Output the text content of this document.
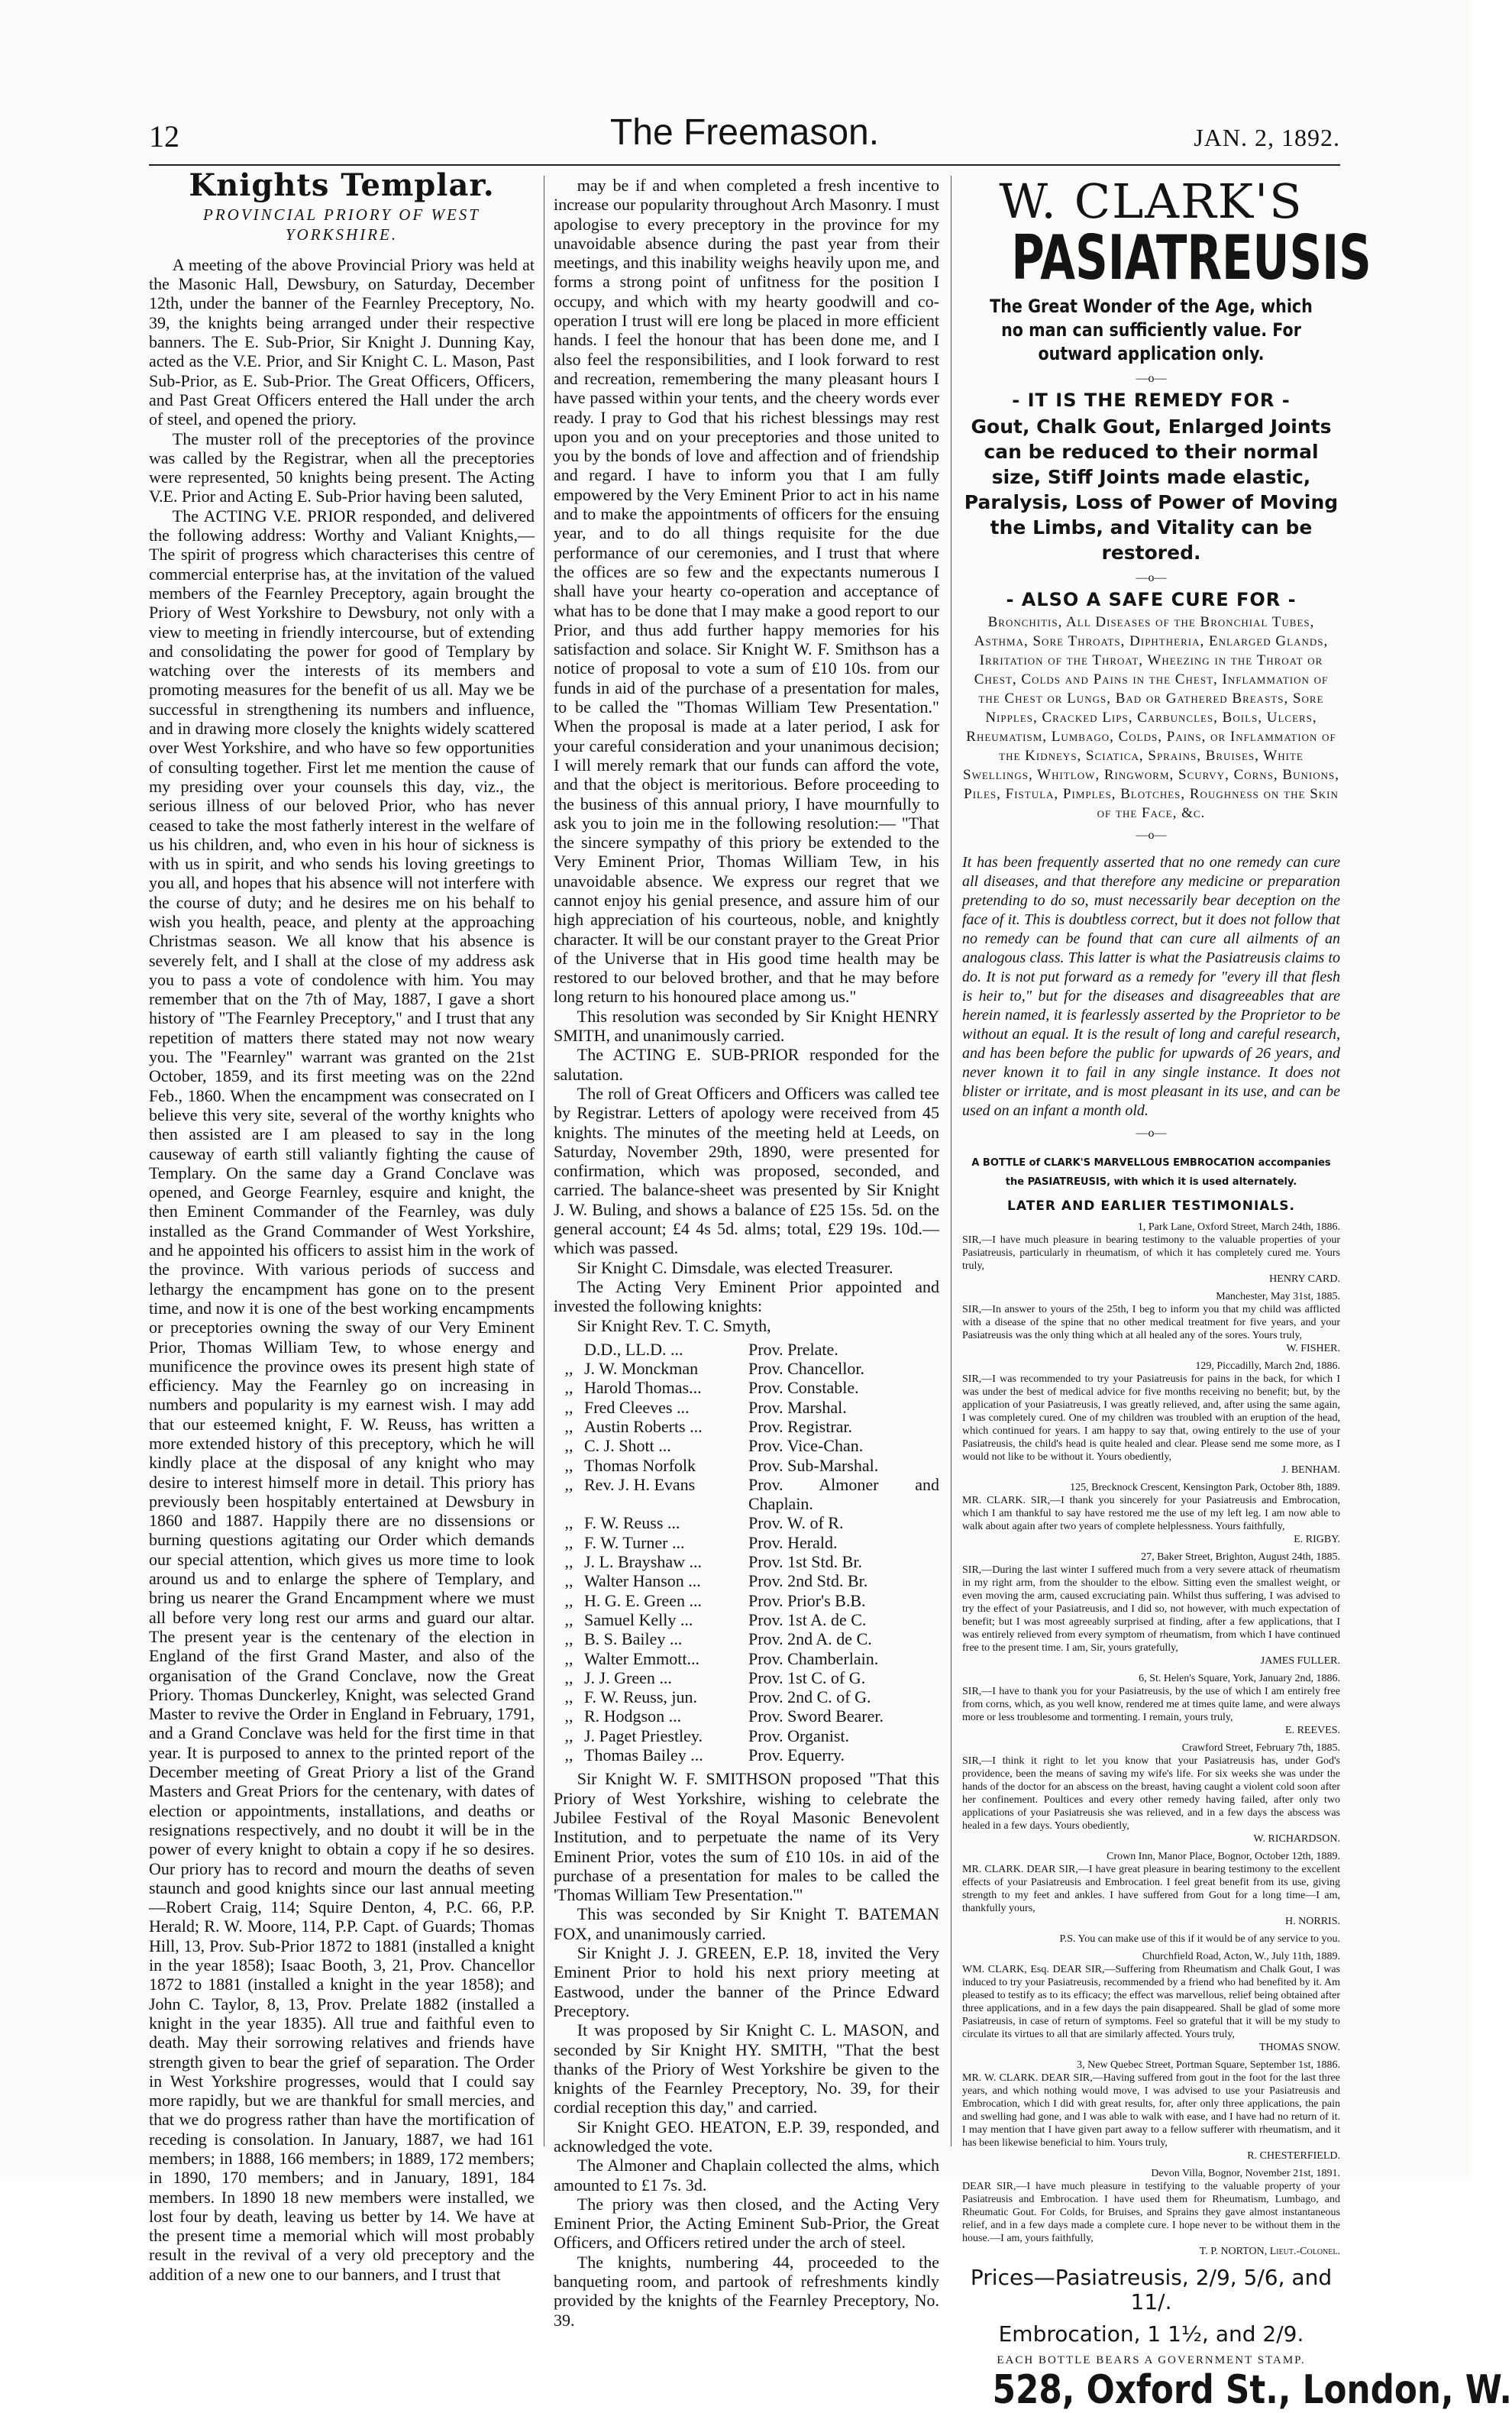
12	The Freemason.	JAN. 2, 1892.
Knights Templar.
PROVINCIAL PRIORY OF WEST YORKSHIRE.

A meeting of the above Provincial Priory was held at the Masonic Hall, Dewsbury, on Saturday, December 12th, under the banner of the Fearnley Preceptory, No. 39, the knights being arranged under their respective banners. The E. Sub-Prior, Sir Knight J. Dunning Kay, acted as the V.E. Prior, and Sir Knight C. L. Mason, Past Sub-Prior, as E. Sub-Prior. The Great Officers, Officers, and Past Great Officers entered the Hall under the arch of steel, and opened the priory.

The muster roll of the preceptories of the province was called by the Registrar, when all the preceptories were represented, 50 knights being present. The Acting V.E. Prior and Acting E. Sub-Prior having been saluted,

The ACTING V.E. PRIOR responded, and delivered the following address: Worthy and Valiant Knights,—The spirit of progress which characterises this centre of commercial enterprise has, at the invitation of the valued members of the Fearnley Preceptory, again brought the Priory of West Yorkshire to Dewsbury, not only with a view to meeting in friendly intercourse, but of extending and consolidating the power for good of Templary by watching over the interests of its members and promoting measures for the benefit of us all. May we be successful in strengthening its numbers and influence, and in drawing more closely the knights widely scattered over West Yorkshire, and who have so few opportunities of consulting together. First let me mention the cause of my presiding over your counsels this day, viz., the serious illness of our beloved Prior, who has never ceased to take the most fatherly interest in the welfare of us his children, and, who even in his hour of sickness is with us in spirit, and who sends his loving greetings to you all, and hopes that his absence will not interfere with the course of duty; and he desires me on his behalf to wish you health, peace, and plenty at the approaching Christmas season. We all know that his absence is severely felt, and I shall at the close of my address ask you to pass a vote of condolence with him. You may remember that on the 7th of May, 1887, I gave a short history of "The Fearnley Preceptory," and I trust that any repetition of matters there stated may not now weary you. The "Fearnley" warrant was granted on the 21st October, 1859, and its first meeting was on the 22nd Feb., 1860. When the encampment was consecrated on I believe this very site, several of the worthy knights who then assisted are I am pleased to say in the long causeway of earth still valiantly fighting the cause of Templary. On the same day a Grand Conclave was opened, and George Fearnley, esquire and knight, the then Eminent Commander of the Fearnley, was duly installed as the Grand Commander of West Yorkshire, and he appointed his officers to assist him in the work of the province. With various periods of success and lethargy the encampment has gone on to the present time, and now it is one of the best working encampments or preceptories owning the sway of our Very Eminent Prior, Thomas William Tew, to whose energy and munificence the province owes its present high state of efficiency. May the Fearnley go on increasing in numbers and popularity is my earnest wish. I may add that our esteemed knight, F. W. Reuss, has written a more extended history of this preceptory, which he will kindly place at the disposal of any knight who may desire to interest himself more in detail. This priory has previously been hospitably entertained at Dewsbury in 1860 and 1887. Happily there are no dissensions or burning questions agitating our Order which demands our special attention, which gives us more time to look around us and to enlarge the sphere of Templary, and bring us nearer the Grand Encampment where we must all before very long rest our arms and guard our altar. The present year is the centenary of the election in England of the first Grand Master, and also of the organisation of the Grand Conclave, now the Great Priory. Thomas Dunckerley, Knight, was selected Grand Master to revive the Order in England in February, 1791, and a Grand Conclave was held for the first time in that year. It is purposed to annex to the printed report of the December meeting of Great Priory a list of the Grand Masters and Great Priors for the centenary, with dates of election or appointments, installations, and deaths or resignations respectively, and no doubt it will be in the power of every knight to obtain a copy if he so desires. Our priory has to record and mourn the deaths of seven staunch and good knights since our last annual meeting—Robert Craig, 114; Squire Denton, 4, P.C. 66, P.P. Herald; R. W. Moore, 114, P.P. Capt. of Guards; Thomas Hill, 13, Prov. Sub-Prior 1872 to 1881 (installed a knight in the year 1858); Isaac Booth, 3, 21, Prov. Chancellor 1872 to 1881 (installed a knight in the year 1858); and John C. Taylor, 8, 13, Prov. Prelate 1882 (installed a knight in the year 1835). All true and faithful even to death. May their sorrowing relatives and friends have strength given to bear the grief of separation. The Order in West Yorkshire progresses, would that I could say more rapidly, but we are thankful for small mercies, and that we do progress rather than have the mortification of receding is consolation. In January, 1887, we had 161 members; in 1888, 166 members; in 1889, 172 members; in 1890, 170 members; and in January, 1891, 184 members. In 1890 18 new members were installed, we lost four by death, leaving us better by 14. We have at the present time a memorial which will most probably result in the revival of a very old preceptory and the addition of a new one to our banners, and I trust that

may be if and when completed a fresh incentive to increase our popularity throughout Arch Masonry. I must apologise to every preceptory in the province for my unavoidable absence during the past year from their meetings, and this inability weighs heavily upon me, and forms a strong point of unfitness for the position I occupy, and which with my hearty goodwill and co-operation I trust will ere long be placed in more efficient hands. I feel the honour that has been done me, and I also feel the responsibilities, and I look forward to rest and recreation, remembering the many pleasant hours I have passed within your tents, and the cheery words ever ready. I pray to God that his richest blessings may rest upon you and on your preceptories and those united to you by the bonds of love and affection and of friendship and regard. I have to inform you that I am fully empowered by the Very Eminent Prior to act in his name and to make the appointments of officers for the ensuing year, and to do all things requisite for the due performance of our ceremonies, and I trust that where the offices are so few and the expectants numerous I shall have your hearty co-operation and acceptance of what has to be done that I may make a good report to our Prior, and thus add further happy memories for his satisfaction and solace. Sir Knight W. F. Smithson has a notice of proposal to vote a sum of £10 10s. from our funds in aid of the purchase of a presentation for males, to be called the "Thomas William Tew Presentation." When the proposal is made at a later period, I ask for your careful consideration and your unanimous decision; I will merely remark that our funds can afford the vote, and that the object is meritorious. Before proceeding to the business of this annual priory, I have mournfully to ask you to join me in the following resolution:— "That the sincere sympathy of this priory be extended to the Very Eminent Prior, Thomas William Tew, in his unavoidable absence. We express our regret that we cannot enjoy his genial presence, and assure him of our high appreciation of his courteous, noble, and knightly character. It will be our constant prayer to the Great Prior of the Universe that in His good time health may be restored to our beloved brother, and that he may before long return to his honoured place among us."

This resolution was seconded by Sir Knight HENRY SMITH, and unanimously carried.

The ACTING E. SUB-PRIOR responded for the salutation.

The roll of Great Officers and Officers was called tee by Registrar. Letters of apology were received from 45 knights. The minutes of the meeting held at Leeds, on Saturday, November 29th, 1890, were presented for confirmation, which was proposed, seconded, and carried. The balance-sheet was presented by Sir Knight J. W. Buling, and shows a balance of £25 15s. 5d. on the general account; £4 4s 5d. alms; total, £29 19s. 10d.—which was passed.

Sir Knight C. Dimsdale, was elected Treasurer.

The Acting Very Eminent Prior appointed and invested the following knights:

Sir Knight Rev. T. C. Smyth,

	D.D., LL.D. ...	Prov. Prelate.
,,	J. W. Monckman	Prov. Chancellor.
,,	Harold Thomas...	Prov. Constable.
,,	Fred Cleeves ...	Prov. Marshal.
,,	Austin Roberts ...	Prov. Registrar.
,,	C. J. Shott ...	Prov. Vice-Chan.
,,	Thomas Norfolk	Prov. Sub-Marshal.
,,	Rev. J. H. Evans	Prov. Almoner and Chaplain.
,,	F. W. Reuss ...	Prov. W. of R.
,,	F. W. Turner ...	Prov. Herald.
,,	J. L. Brayshaw ...	Prov. 1st Std. Br.
,,	Walter Hanson ...	Prov. 2nd Std. Br.
,,	H. G. E. Green ...	Prov. Prior's B.B.
,,	Samuel Kelly ...	Prov. 1st A. de C.
,,	B. S. Bailey ...	Prov. 2nd A. de C.
,,	Walter Emmott...	Prov. Chamberlain.
,,	J. J. Green ...	Prov. 1st C. of G.
,,	F. W. Reuss, jun.	Prov. 2nd C. of G.
,,	R. Hodgson ...	Prov. Sword Bearer.
,,	J. Paget Priestley.	Prov. Organist.
,,	Thomas Bailey ...	Prov. Equerry.

Sir Knight W. F. SMITHSON proposed "That this Priory of West Yorkshire, wishing to celebrate the Jubilee Festival of the Royal Masonic Benevolent Institution, and to perpetuate the name of its Very Eminent Prior, votes the sum of £10 10s. in aid of the purchase of a presentation for males to be called the 'Thomas William Tew Presentation.'"

This was seconded by Sir Knight T. BATEMAN FOX, and unanimously carried.

Sir Knight J. J. GREEN, E.P. 18, invited the Very Eminent Prior to hold his next priory meeting at Eastwood, under the banner of the Prince Edward Preceptory.

It was proposed by Sir Knight C. L. MASON, and seconded by Sir Knight HY. SMITH, "That the best thanks of the Priory of West Yorkshire be given to the knights of the Fearnley Preceptory, No. 39, for their cordial reception this day," and carried.

Sir Knight GEO. HEATON, E.P. 39, responded, and acknowledged the vote.

The Almoner and Chaplain collected the alms, which amounted to £1 7s. 3d.

The priory was then closed, and the Acting Very Eminent Prior, the Acting Eminent Sub-Prior, the Great Officers, and Officers retired under the arch of steel.

The knights, numbering 44, proceeded to the banqueting room, and partook of refreshments kindly provided by the knights of the Fearnley Preceptory, No. 39.

W. CLARK'S
PASIATREUSIS
The Great Wonder of the Age, which no man can sufficiently value. For outward application only.
—o—
- IT IS THE REMEDY FOR -
Gout, Chalk Gout, Enlarged Joints can be reduced to their normal size, Stiff Joints made elastic, Paralysis, Loss of Power of Moving the Limbs, and Vitality can be restored.
—o—
- ALSO A SAFE CURE FOR -
Bronchitis, All Diseases of the Bronchial Tubes, Asthma, Sore Throats, Diphtheria, Enlarged Glands, Irritation of the Throat, Wheezing in the Throat or Chest, Colds and Pains in the Chest, Inflammation of the Chest or Lungs, Bad or Gathered Breasts, Sore Nipples, Cracked Lips, Carbuncles, Boils, Ulcers, Rheumatism, Lumbago, Colds, Pains, or Inflammation of the Kidneys, Sciatica, Sprains, Bruises, White Swellings, Whitlow, Ringworm, Scurvy, Corns, Bunions, Piles, Fistula, Pimples, Blotches, Roughness on the Skin of the Face, &c.
—o—
It has been frequently asserted that no one remedy can cure all diseases, and that therefore any medicine or preparation pretending to do so, must necessarily bear deception on the face of it. This is doubtless correct, but it does not follow that no remedy can be found that can cure all ailments of an analogous class. This latter is what the Pasiatreusis claims to do. It is not put forward as a remedy for "every ill that flesh is heir to," but for the diseases and disagreeables that are herein named, it is fearlessly asserted by the Proprietor to be without an equal. It is the result of long and careful research, and has been before the public for upwards of 26 years, and never known it to fail in any single instance. It does not blister or irritate, and is most pleasant in its use, and can be used on an infant a month old.
—o—
A BOTTLE of CLARK'S MARVELLOUS EMBROCATION accompanies the PASIATREUSIS, with which it is used alternately.
LATER AND EARLIER TESTIMONIALS.

1, Park Lane, Oxford Street, March 24th, 1886.

SIR,—I have much pleasure in bearing testimony to the valuable properties of your Pasiatreusis, particularly in rheumatism, of which it has completely cured me. Yours truly,

HENRY CARD.

Manchester, May 31st, 1885.

SIR,—In answer to yours of the 25th, I beg to inform you that my child was afflicted with a disease of the spine that no other medical treatment for five years, and your Pasiatreusis was the only thing which at all healed any of the sores. Yours truly,

W. FISHER.

129, Piccadilly, March 2nd, 1886.

SIR,—I was recommended to try your Pasiatreusis for pains in the back, for which I was under the best of medical advice for five months receiving no benefit; but, by the application of your Pasiatreusis, I was greatly relieved, and, after using the same again, I was completely cured. One of my children was troubled with an eruption of the head, which continued for years. I am happy to say that, owing entirely to the use of your Pasiatreusis, the child's head is quite healed and clear. Please send me some more, as I would not like to be without it. Yours obediently,

J. BENHAM.

125, Brecknock Crescent, Kensington Park, October 8th, 1889.

MR. CLARK. SIR,—I thank you sincerely for your Pasiatreusis and Embrocation, which I am thankful to say have restored me the use of my left leg. I am now able to walk about again after two years of complete helplessness. Yours faithfully,

E. RIGBY.

27, Baker Street, Brighton, August 24th, 1885.

SIR,—During the last winter I suffered much from a very severe attack of rheumatism in my right arm, from the shoulder to the elbow. Sitting even the smallest weight, or even moving the arm, caused excruciating pain. Whilst thus suffering, I was advised to try the effect of your Pasiatreusis, and I did so, not however, with much expectation of benefit; but I was most agreeably surprised at finding, after a few applications, that I was entirely relieved from every symptom of rheumatism, from which I have continued free to the present time. I am, Sir, yours gratefully,

JAMES FULLER.

6, St. Helen's Square, York, January 2nd, 1886.

SIR,—I have to thank you for your Pasiatreusis, by the use of which I am entirely free from corns, which, as you well know, rendered me at times quite lame, and were always more or less troublesome and tormenting. I remain, yours truly,

E. REEVES.

Crawford Street, February 7th, 1885.

SIR,—I think it right to let you know that your Pasiatreusis has, under God's providence, been the means of saving my wife's life. For six weeks she was under the hands of the doctor for an abscess on the breast, having caught a violent cold soon after her confinement. Poultices and every other remedy having failed, after only two applications of your Pasiatreusis she was relieved, and in a few days the abscess was healed in a few days. Yours obediently,

W. RICHARDSON.

Crown Inn, Manor Place, Bognor, October 12th, 1889.

MR. CLARK. DEAR SIR,—I have great pleasure in bearing testimony to the excellent effects of your Pasiatreusis and Embrocation. I feel great benefit from its use, giving strength to my feet and ankles. I have suffered from Gout for a long time—I am, thankfully yours,

H. NORRIS.

P.S. You can make use of this if it would be of any service to you.

Churchfield Road, Acton, W., July 11th, 1889.

WM. CLARK, Esq. DEAR SIR,—Suffering from Rheumatism and Chalk Gout, I was induced to try your Pasiatreusis, recommended by a friend who had benefited by it. Am pleased to testify as to its efficacy; the effect was marvellous, relief being obtained after three applications, and in a few days the pain disappeared. Shall be glad of some more Pasiatreusis, in case of return of symptoms. Feel so grateful that it will be my study to circulate its virtues to all that are similarly affected. Yours truly,

THOMAS SNOW.

3, New Quebec Street, Portman Square, September 1st, 1886.

MR. W. CLARK. DEAR SIR,—Having suffered from gout in the foot for the last three years, and which nothing would move, I was advised to use your Pasiatreusis and Embrocation, which I did with great results, for, after only three applications, the pain and swelling had gone, and I was able to walk with ease, and I have had no return of it. I may mention that I have given part away to a fellow sufferer with rheumatism, and it has been likewise beneficial to him. Yours truly,

R. CHESTERFIELD.

Devon Villa, Bognor, November 21st, 1891.

DEAR SIR,—I have much pleasure in testifying to the valuable property of your Pasiatreusis and Embrocation. I have used them for Rheumatism, Lumbago, and Rheumatic Gout. For Colds, for Bruises, and Sprains they gave almost instantaneous relief, and in a few days made a complete cure. I hope never to be without them in the house.—I am, yours faithfully,

T. P. NORTON, Lieut.-Colonel.

Prices—Pasiatreusis, 2/9, 5/6, and 11/.
Embrocation, 1 1½, and 2/9.
EACH BOTTLE BEARS A GOVERNMENT STAMP.
528, Oxford St., London, W.
